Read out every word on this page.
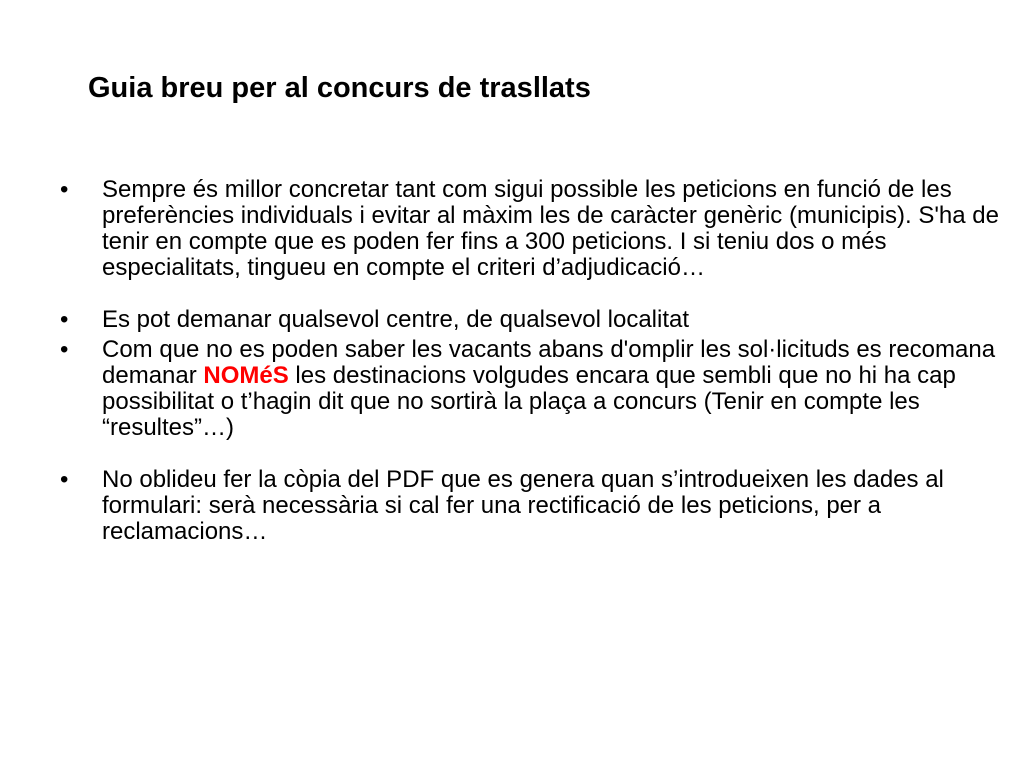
Guia breu per al concurs de trasllats
• Sempre és millor concretar tant com sigui possible les peticions en funció de les preferències individuals i evitar al màxim les de caràcter genèric (municipis). S'ha de tenir en compte que es poden fer fins a 300 peticions. I si teniu dos o més especialitats, tingueu en compte el criteri d’adjudicació…
• Es pot demanar qualsevol centre, de qualsevol localitat
• Com que no es poden saber les vacants abans d'omplir les sol·licituds es recomana demanar NOMéS les destinacions volgudes encara que sembli que no hi ha cap possibilitat o t’hagin dit que no sortirà la plaça a concurs (Tenir en compte les “resultes”…)
• No oblideu fer la còpia del PDF que es genera quan s’introdueixen les dades al formulari: serà necessària si cal fer una rectificació de les peticions, per a reclamacions…
